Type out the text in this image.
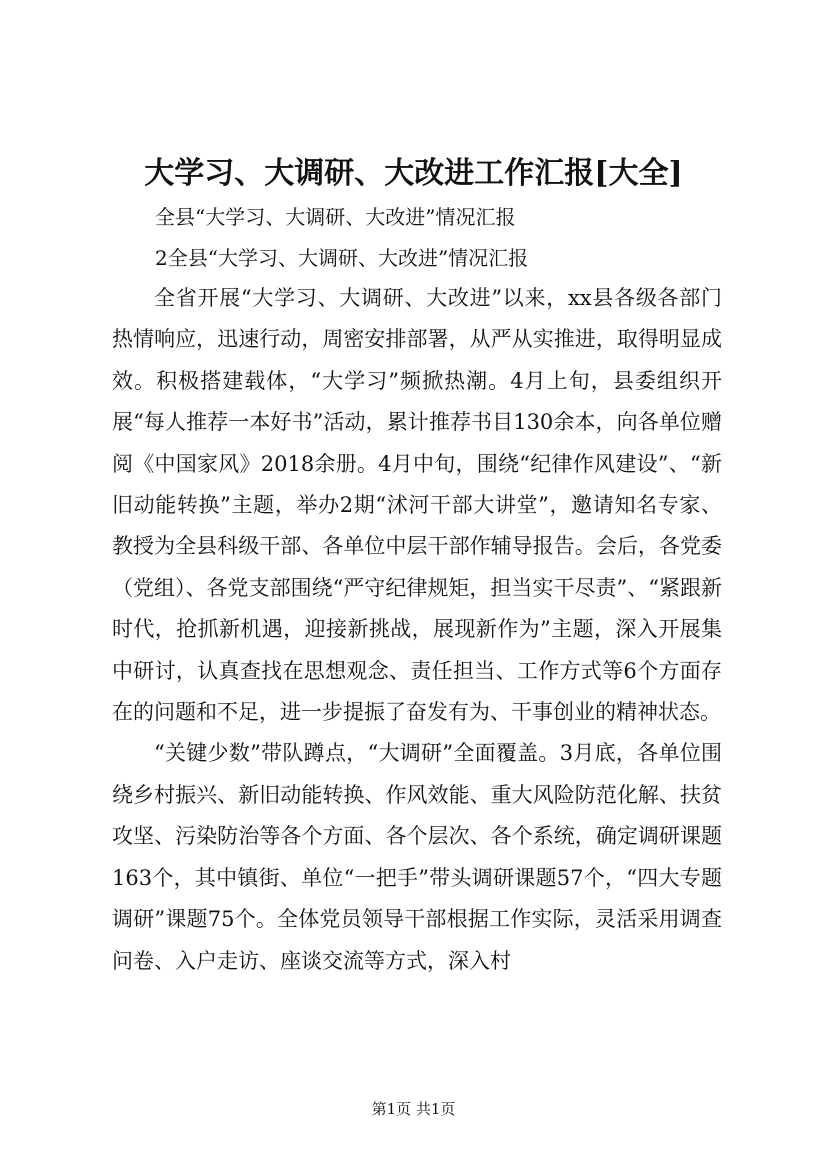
大学习、大调研、大改进工作汇报[大全]
全县“大学习、大调研、大改进”情况汇报
2全县“大学习、大调研、大改进”情况汇报

全省开展“大学习、大调研、大改进”以来，xx县各级各部门热情响应，迅速行动，周密安排部署，从严从实推进，取得明显成效。积极搭建载体，“大学习”频掀热潮。4月上旬，县委组织开展“每人推荐一本好书”活动，累计推荐书目130余本，向各单位赠阅《中国家风》2018余册。4月中旬，围绕“纪律作风建设”、“新旧动能转换”主题，举办2期“沭河干部大讲堂”，邀请知名专家、教授为全县科级干部、各单位中层干部作辅导报告。会后，各党委（党组）、各党支部围绕“严守纪律规矩，担当实干尽责”、“紧跟新时代，抢抓新机遇，迎接新挑战，展现新作为”主题，深入开展集中研讨，认真查找在思想观念、责任担当、工作方式等6个方面存在的问题和不足，进一步提振了奋发有为、干事创业的精神状态。

“关键少数”带队蹲点，“大调研”全面覆盖。3月底，各单位围绕乡村振兴、新旧动能转换、作风效能、重大风险防范化解、扶贫攻坚、污染防治等各个方面、各个层次、各个系统，确定调研课题163个，其中镇街、单位“一把手”带头调研课题57个，“四大专题调研”课题75个。全体党员领导干部根据工作实际，灵活采用调查问卷、入户走访、座谈交流等方式，深入村

第1页 共1页
